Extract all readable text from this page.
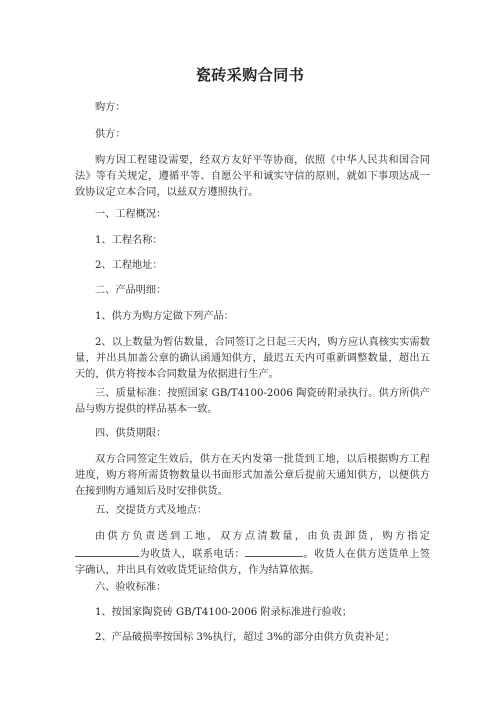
瓷砖采购合同书
购方：
供方：
购方因工程建设需要，经双方友好平等协商，依照《中华人民共和国合同法》等有关规定，遵循平等、自愿公平和诚实守信的原则，就如下事项达成一致协议定立本合同，以兹双方遵照执行。
一、工程概况：
1、工程名称：
2、工程地址：
二、产品明细：
1、供方为购方定做下列产品：
2、以上数量为暂估数量，合同签订之日起三天内，购方应认真核实实需数量，并出具加盖公章的确认函通知供方，最迟五天内可重新调整数量，超出五天的，供方将按本合同数量为依据进行生产。
三、质量标准：按照国家 GB/T4100-2006 陶瓷砖附录执行。供方所供产品与购方提供的样品基本一致。
四、供货期限：
双方合同签定生效后，供方在天内发第一批货到工地，以后根据购方工程进度，购方将所需货物数量以书面形式加盖公章后提前天通知供方，以便供方在接到购方通知后及时安排供货。
五、交提货方式及地点：
由供方负责送到工地，双方点清数量，由负责卸货，购方指定为收货人，联系电话：	。收货人在供方送货单上签字确认，并出具有效收货凭证给供方，作为结算依据。
六、验收标准：
1、按国家陶瓷砖 GB/T4100-2006 附录标准进行验收；
2、产品破损率按国标 3%执行，超过 3%的部分由供方负责补足；
